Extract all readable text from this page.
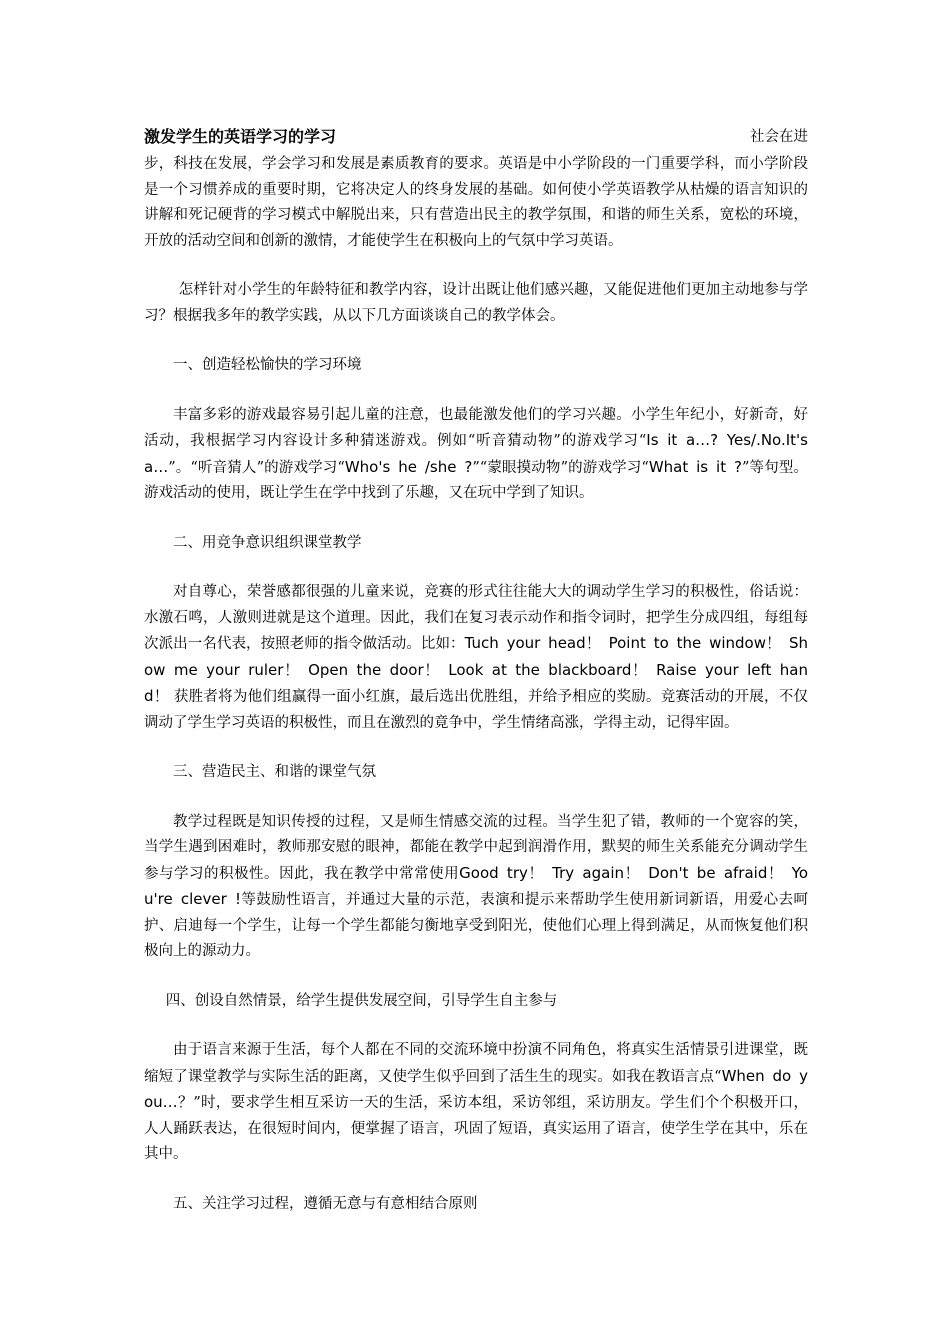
激发学生的英语学习的学习	社会在进

步，科技在发展，学会学习和发展是素质教育的要求。英语是中小学阶段的一门重要学科，而小学阶段是一个习惯养成的重要时期，它将决定人的终身发展的基础。如何使小学英语教学从枯燥的语言知识的讲解和死记硬背的学习模式中解脱出来，只有营造出民主的教学氛围，和谐的师生关系，宽松的环境，开放的活动空间和创新的激情，才能使学生在积极向上的气氛中学习英语。

怎样针对小学生的年龄特征和教学内容，设计出既让他们感兴趣，又能促进他们更加主动地参与学习？根据我多年的教学实践，从以下几方面谈谈自己的教学体会。

一、创造轻松愉快的学习环境

丰富多彩的游戏最容易引起儿童的注意，也最能激发他们的学习兴趣。小学生年纪小，好新奇，好活动，我根据学习内容设计多种猜迷游戏。例如“听音猜动物”的游戏学习“Is it a…? Yes/.No.It's a…”。“听音猜人”的游戏学习“Who's he /she ?”“蒙眼摸动物”的游戏学习“What is it ?”等句型。游戏活动的使用，既让学生在学中找到了乐趣，又在玩中学到了知识。

二、用竞争意识组织课堂教学

对自尊心，荣誉感都很强的儿童来说，竞赛的形式往往能大大的调动学生学习的积极性，俗话说：水激石鸣，人激则进就是这个道理。因此，我们在复习表示动作和指令词时，把学生分成四组，每组每次派出一名代表，按照老师的指令做活动。比如：Tuch your head！ Point to the window！ Show me your ruler！ Open the door！ Look at the blackboard！ Raise your left hand！ 获胜者将为他们组赢得一面小红旗，最后选出优胜组，并给予相应的奖励。竞赛活动的开展，不仅调动了学生学习英语的积极性，而且在激烈的竟争中，学生情绪高涨，学得主动，记得牢固。

三、营造民主、和谐的课堂气氛

教学过程既是知识传授的过程，又是师生情感交流的过程。当学生犯了错，教师的一个宽容的笑，当学生遇到困难时，教师那安慰的眼神，都能在教学中起到润滑作用，默契的师生关系能充分调动学生参与学习的积极性。因此，我在教学中常常使用Good try！ Try again！ Don't be afraid！ You're clever !等鼓励性语言，并通过大量的示范，表演和提示来帮助学生使用新词新语，用爱心去呵护、启迪每一个学生，让每一个学生都能匀衡地享受到阳光，使他们心理上得到满足，从而恢复他们积极向上的源动力。

四、创设自然情景，给学生提供发展空间，引导学生自主参与

由于语言来源于生活，每个人都在不同的交流环境中扮演不同角色，将真实生活情景引进课堂，既缩短了课堂教学与实际生活的距离，又使学生似乎回到了活生生的现实。如我在教语言点“When do you…？”时，要求学生相互采访一天的生活，采访本组，采访邻组，采访朋友。学生们个个积极开口，人人踊跃表达，在很短时间内，便掌握了语言，巩固了短语，真实运用了语言，使学生学在其中，乐在其中。

五、关注学习过程，遵循无意与有意相结合原则
